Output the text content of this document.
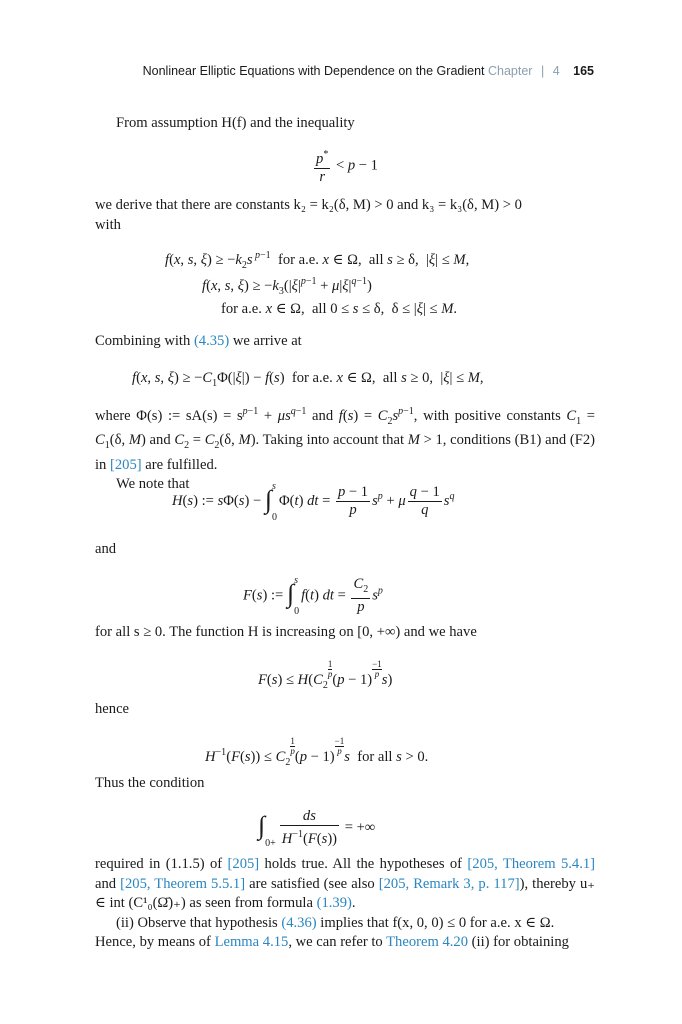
Nonlinear Elliptic Equations with Dependence on the Gradient Chapter | 4 165
From assumption H(f) and the inequality
$\frac{p^*}{r} < p - 1$
we derive that there are constants k₂ = k₂(δ, M) > 0 and k₃ = k₃(δ, M) > 0
with
f(x, s, $\xi) \ge -k_2s$ $^{p-1}$  for a.e. x ∈ Ω,  all s ≥ δ,  |ξ| ≤ M,
f(x, s, $\xi) \ge -k_3(|\xi|^{p-1} + \mu|\xi|^{q-1})$
for a.e. x ∈ Ω,  all 0 ≤ s ≤ δ,  δ ≤ |ξ| ≤ M.
Combining with (4.35) we arrive at
f(x, s, $\xi) \ge -C_1\Phi(|\xi|) - f(s)$  for a.e. x ∈ Ω,  all s ≥ 0,  |ξ| ≤ M,
where Φ(s) := $sA(s) = s^{p-1} + \mu s^{q-1}$ and $f(s) = C_2s^{p-1}$, with positive constants $C_1 = C_1(\delta$, M) and $C_2 = C_2(\delta$, M). Taking into account that M > 1, conditions (B1) and (F2) in [205] are fulfilled.
We note that
H(s) := sΦ(s) − ∫ s
0
Φ(t) dt = $\frac{p - 1}{p} s^p + \mu \frac{q - 1}{q} s^q$
and
F(s) := ∫ s
0
f(t) dt = $\frac{C_2}{p} s^p$
for all s ≥ 0. The function H is increasing on [0, +∞) and we have
$F(s) \le H(C_2$
$\frac{1}{p}$
(p − 1)
$\frac{-1}{p}$
s)
hence
$H^{-1}(F(s)) \le C_2$
$\frac{1}{p}$
(p − 1)
$\frac{-1}{p}$
s  for all s > 0.
Thus the condition
∫

$0+ \frac{ds}{H^{-1}(F(s))}$ = +∞
required in (1.1.5) of [205] holds true. All the hypotheses of [205, Theorem 5.4.1] and [205, Theorem 5.5.1] are satisfied (see also [205, Remark 3, p. 117]), thereby u₊ ∈ int (C¹₀(Ω̄)₊) as seen from formula (1.39).
(ii) Observe that hypothesis (4.36) implies that f(x, 0, 0) ≤ 0 for a.e. x ∈ Ω.
Hence, by means of Lemma 4.15, we can refer to Theorem 4.20 (ii) for obtaining
